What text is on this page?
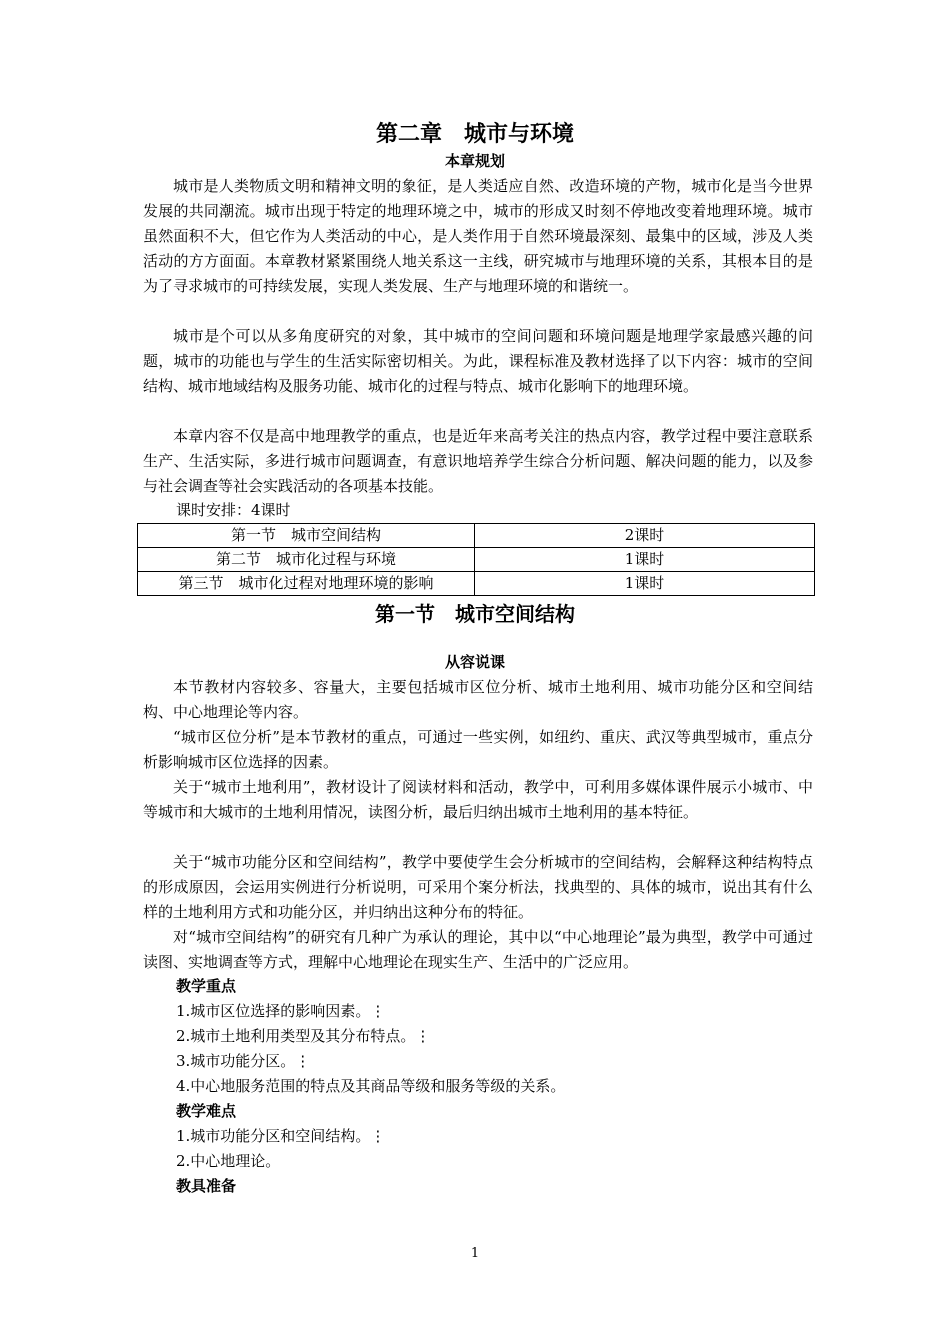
第二章　城市与环境
本章规划

城市是人类物质文明和精神文明的象征，是人类适应自然、改造环境的产物，城市化是当今世界发展的共同潮流。城市出现于特定的地理环境之中，城市的形成又时刻不停地改变着地理环境。城市虽然面积不大，但它作为人类活动的中心，是人类作用于自然环境最深刻、最集中的区域，涉及人类活动的方方面面。本章教材紧紧围绕人地关系这一主线，研究城市与地理环境的关系，其根本目的是为了寻求城市的可持续发展，实现人类发展、生产与地理环境的和谐统一。

城市是个可以从多角度研究的对象，其中城市的空间问题和环境问题是地理学家最感兴趣的问题，城市的功能也与学生的生活实际密切相关。为此，课程标准及教材选择了以下内容：城市的空间结构、城市地域结构及服务功能、城市化的过程与特点、城市化影响下的地理环境。

本章内容不仅是高中地理教学的重点，也是近年来高考关注的热点内容，教学过程中要注意联系生产、生活实际，多进行城市问题调查，有意识地培养学生综合分析问题、解决问题的能力，以及参与社会调查等社会实践活动的各项基本技能。

课时安排：4课时

第一节　城市空间结构	2课时
第二节　城市化过程与环境	1课时
第三节　城市化过程对地理环境的影响	1课时
第一节　城市空间结构
从容说课

本节教材内容较多、容量大，主要包括城市区位分析、城市土地利用、城市功能分区和空间结构、中心地理论等内容。

“城市区位分析”是本节教材的重点，可通过一些实例，如纽约、重庆、武汉等典型城市，重点分析影响城市区位选择的因素。

关于“城市土地利用”，教材设计了阅读材料和活动，教学中，可利用多媒体课件展示小城市、中等城市和大城市的土地利用情况，读图分析，最后归纳出城市土地利用的基本特征。

关于“城市功能分区和空间结构”，教学中要使学生会分析城市的空间结构，会解释这种结构特点的形成原因，会运用实例进行分析说明，可采用个案分析法，找典型的、具体的城市，说出其有什么样的土地利用方式和功能分区，并归纳出这种分布的特征。

对“城市空间结构”的研究有几种广为承认的理论，其中以“中心地理论”最为典型，教学中可通过读图、实地调查等方式，理解中心地理论在现实生产、生活中的广泛应用。

教学重点

1.城市区位选择的影响因素。⋮

2.城市土地利用类型及其分布特点。⋮

3.城市功能分区。⋮

4.中心地服务范围的特点及其商品等级和服务等级的关系。

教学难点

1.城市功能分区和空间结构。⋮

2.中心地理论。

教具准备

1
